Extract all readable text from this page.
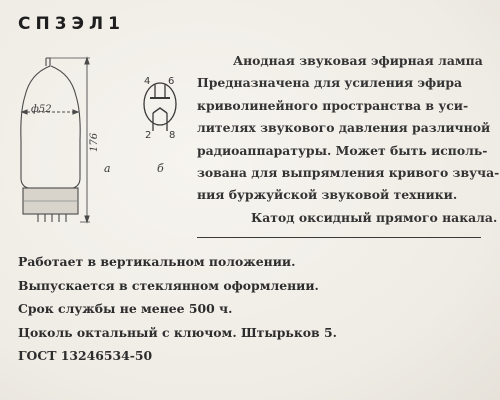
СП3ЭЛ1
ф52
176
а
4 6
2 8
б
Анодная звуковая эфирная лампа
Предназначена для усиления эфира
криволинейного пространства в уси-
лителях звукового давления различной
радиоаппаратуры. Может быть исполь-
зована для выпрямления кривого звуча-
ния буржуйской звуковой техники.
Катод оксидный прямого накала.
Работает в вертикальном положении.
Выпускается в стеклянном оформлении.
Срок службы не менее 500 ч.
Цоколь октальный с ключом. Штырьков 5.
ГОСТ 13246534-50
